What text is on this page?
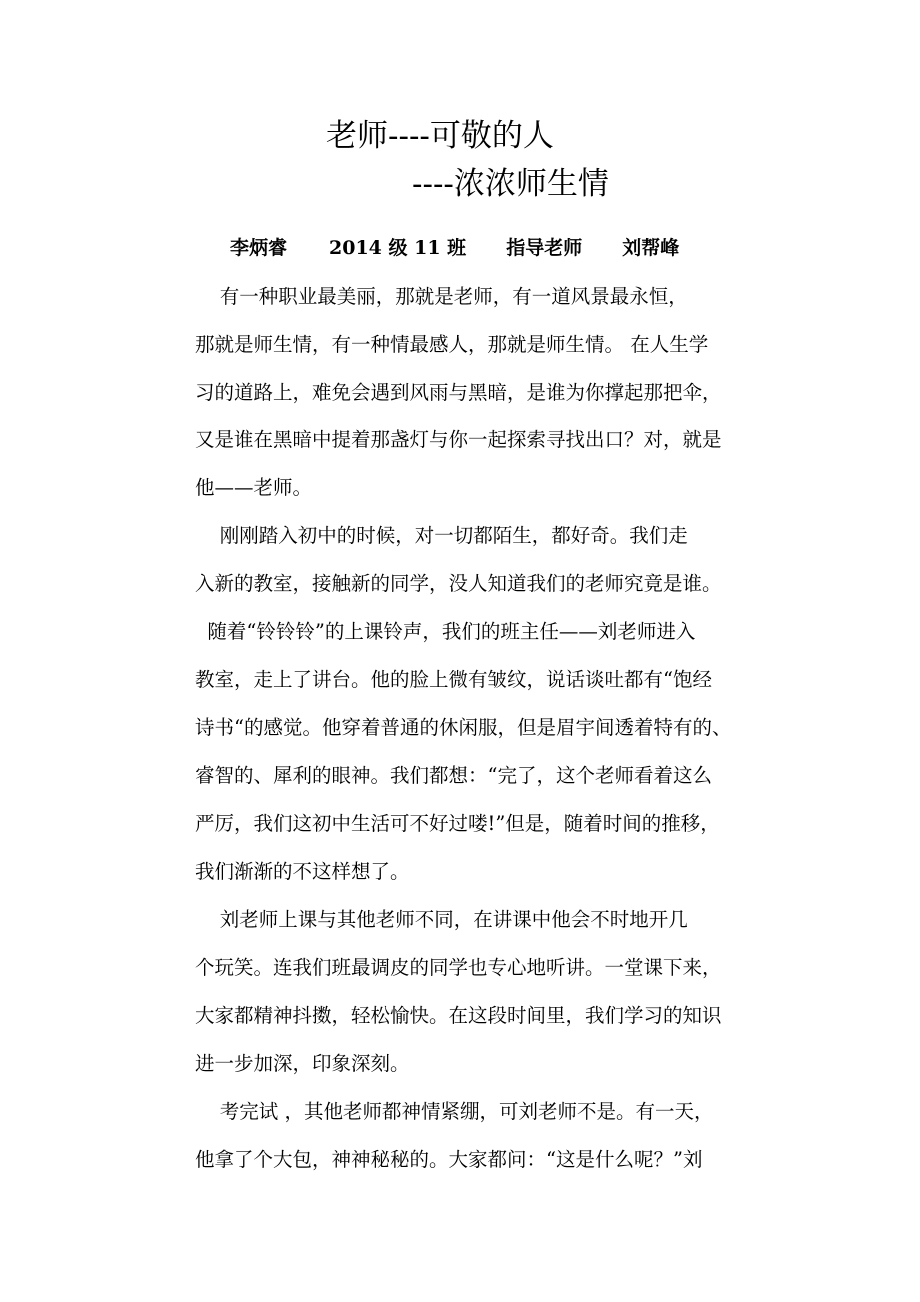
老师----可敬的人
----浓浓师生情
李炳睿 2014 级 11 班 指导老师 刘帮峰
有一种职业最美丽，那就是老师，有一道风景最永恒，
那就是师生情，有一种情最感人，那就是师生情。 在人生学
习的道路上，难免会遇到风雨与黑暗，是谁为你撑起那把伞，
又是谁在黑暗中提着那盏灯与你一起探索寻找出口？对，就是
他——老师。
刚刚踏入初中的时候，对一切都陌生，都好奇。我们走
入新的教室，接触新的同学，没人知道我们的老师究竟是谁。
随着“铃铃铃”的上课铃声，我们的班主任——刘老师进入
教室，走上了讲台。他的脸上微有皱纹，说话谈吐都有“饱经
诗书“的感觉。他穿着普通的休闲服，但是眉宇间透着特有的、
睿智的、犀利的眼神。我们都想：“完了，这个老师看着这么
严厉，我们这初中生活可不好过喽!”但是，随着时间的推移，
我们渐渐的不这样想了。
刘老师上课与其他老师不同，在讲课中他会不时地开几
个玩笑。连我们班最调皮的同学也专心地听讲。一堂课下来，
大家都精神抖擞，轻松愉快。在这段时间里，我们学习的知识
进一步加深，印象深刻。
考完试 ，其他老师都神情紧绷，可刘老师不是。有一天，
他拿了个大包，神神秘秘的。大家都问：“这是什么呢？”刘
